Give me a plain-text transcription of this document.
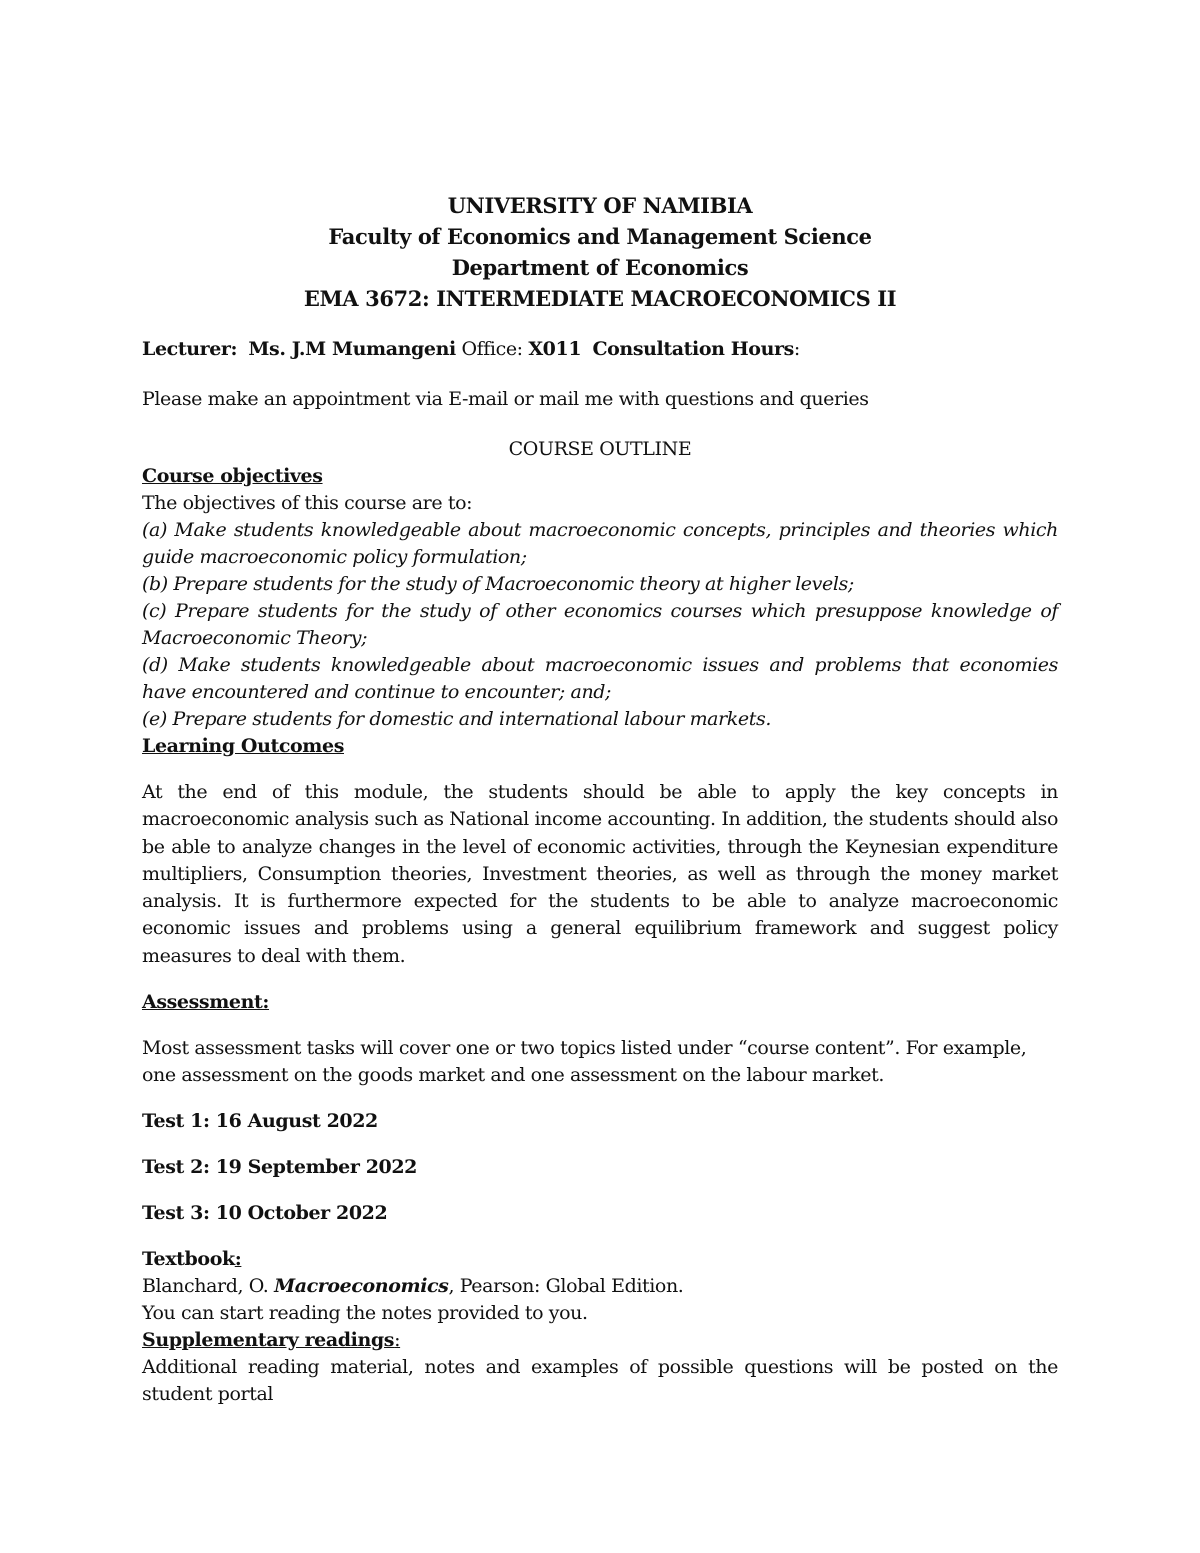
UNIVERSITY OF NAMIBIA
Faculty of Economics and Management Science
Department of Economics
EMA 3672: INTERMEDIATE MACROECONOMICS II

Lecturer: Ms. J.M Mumangeni Office: X011 Consultation Hours:

Please make an appointment via E-mail or mail me with questions and queries

COURSE OUTLINE

Course objectives

The objectives of this course are to:

(a) Make students knowledgeable about macroeconomic concepts, principles and theories which guide macroeconomic policy formulation;

(b) Prepare students for the study of Macroeconomic theory at higher levels;

(c) Prepare students for the study of other economics courses which presuppose knowledge of Macroeconomic Theory;

(d) Make students knowledgeable about macroeconomic issues and problems that economies have encountered and continue to encounter; and;

(e) Prepare students for domestic and international labour markets.

Learning Outcomes

At the end of this module, the students should be able to apply the key concepts in macroeconomic analysis such as National income accounting. In addition, the students should also be able to analyze changes in the level of economic activities, through the Keynesian expenditure multipliers, Consumption theories, Investment theories, as well as through the money market analysis. It is furthermore expected for the students to be able to analyze macroeconomic economic issues and problems using a general equilibrium framework and suggest policy measures to deal with them.

Assessment:

Most assessment tasks will cover one or two topics listed under “course content”. For example, one assessment on the goods market and one assessment on the labour market.

Test 1: 16 August 2022

Test 2: 19 September 2022

Test 3: 10 October 2022

Textbook:

Blanchard, O. Macroeconomics, Pearson: Global Edition.

You can start reading the notes provided to you.

Supplementary readings:

Additional reading material, notes and examples of possible questions will be posted on the student portal
